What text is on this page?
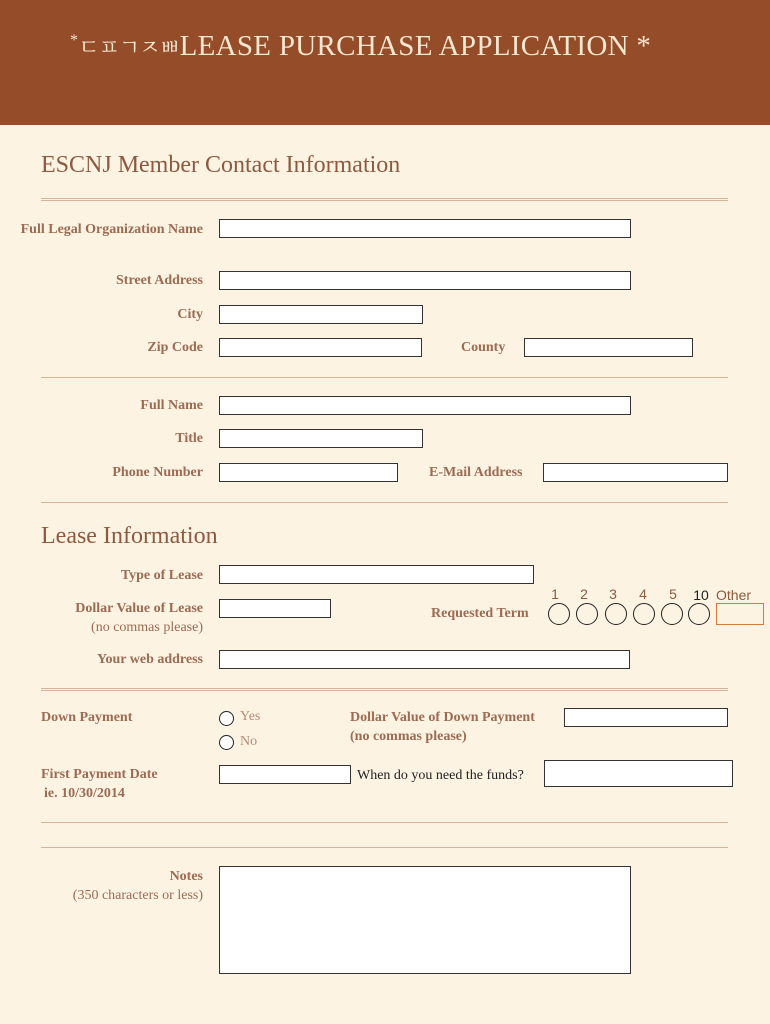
*ㄷㅍㄱㅈㅃLEASE PURCHASE APPLICATION *
ESCNJ Member Contact Information
Full Legal Organization Name
Street Address
City
Zip Code	County
Full Name
Title
Phone Number	E-Mail Address
Lease Information
Type of Lease
Dollar Value of Lease
(no commas please)
Requested Term
1	2	3	4	5	10 Other
Your web address
Down Payment	Yes
No
Dollar Value of Down Payment
(no commas please)
First Payment Date
ie. 10/30/2014
When do you need the funds?
Notes
(350 characters or less)
